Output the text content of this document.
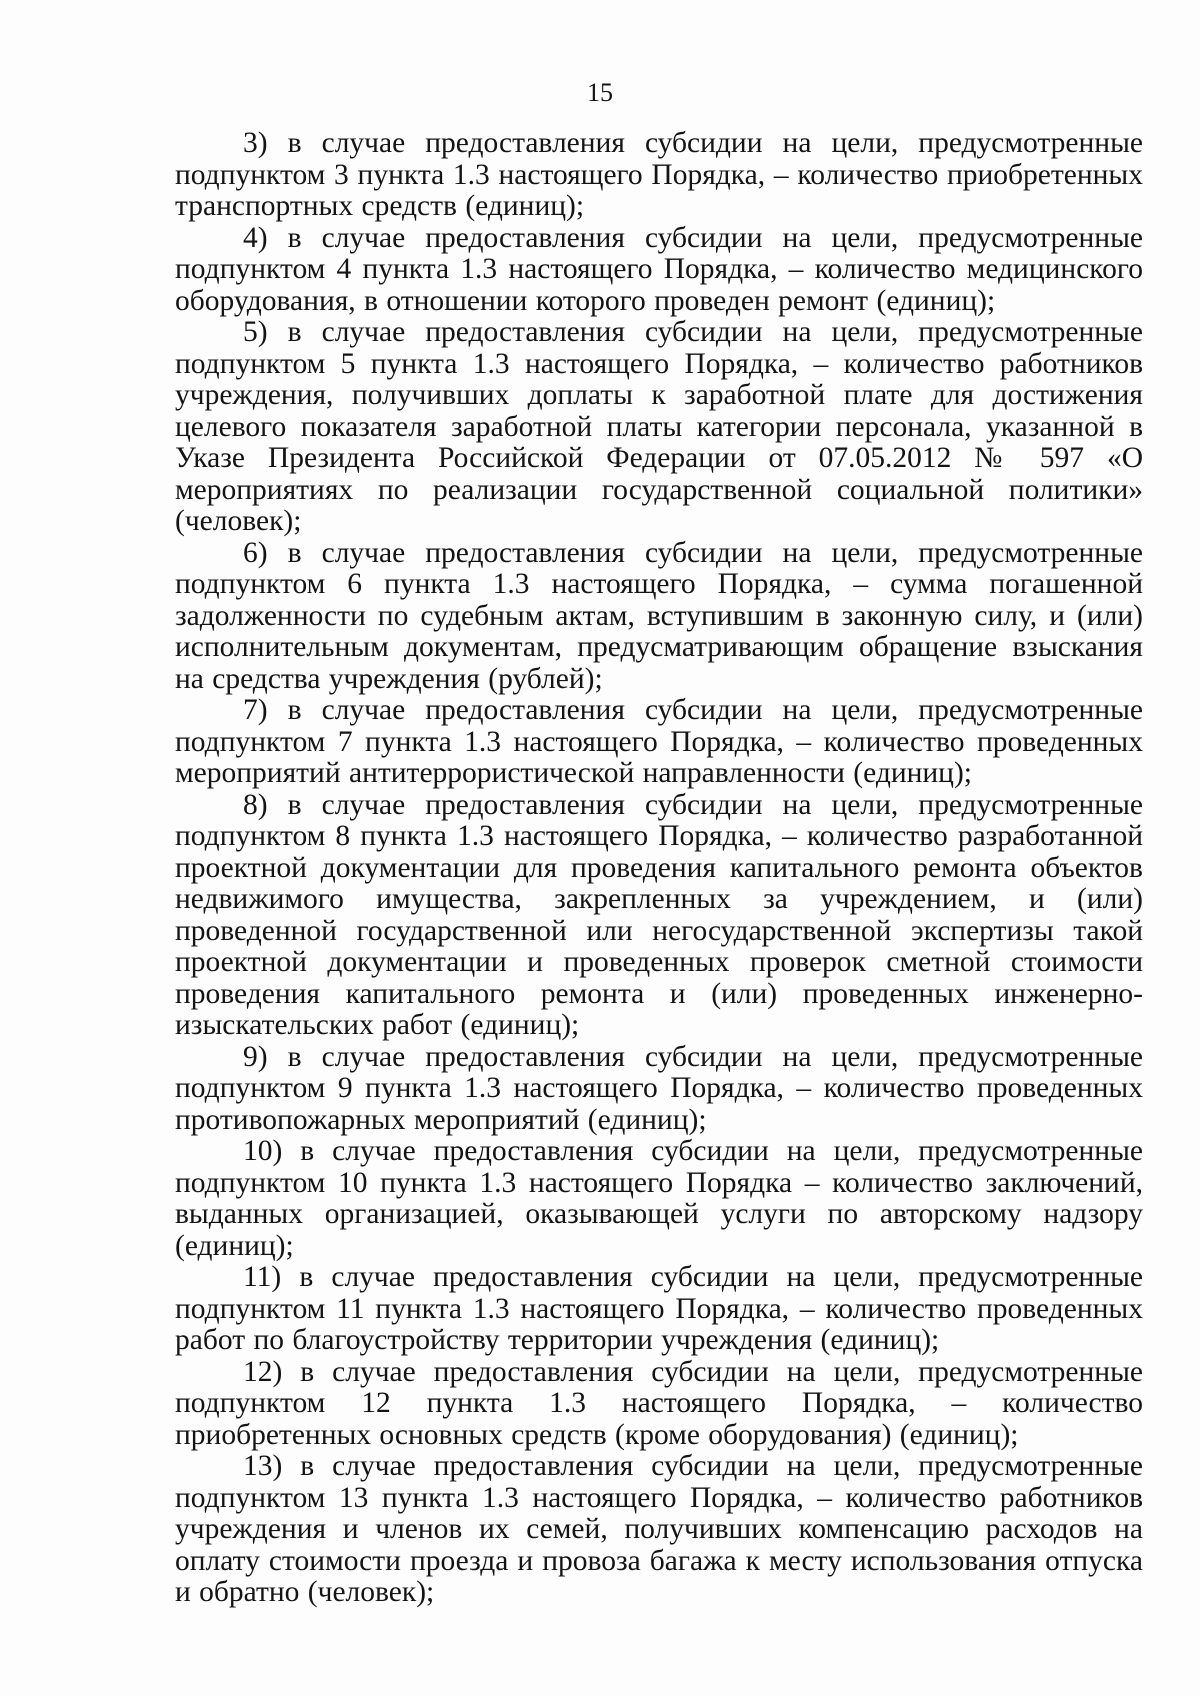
15

3) в случае предоставления субсидии на цели, предусмотренные подпунктом 3 пункта 1.3 настоящего Порядка, – количество приобретенных транспортных средств (единиц);

4) в случае предоставления субсидии на цели, предусмотренные подпунктом 4 пункта 1.3 настоящего Порядка, – количество медицинского оборудования, в отношении которого проведен ремонт (единиц);

5) в случае предоставления субсидии на цели, предусмотренные подпунктом 5 пункта 1.3 настоящего Порядка, – количество работников учреждения, получивших доплаты к заработной плате для достижения целевого показателя заработной платы категории персонала, указанной в Указе Президента Российской Федерации от 07.05.2012 № 597 «О мероприятиях по реализации государственной социальной политики» (человек);

6) в случае предоставления субсидии на цели, предусмотренные подпунктом 6 пункта 1.3 настоящего Порядка, – сумма погашенной задолженности по судебным актам, вступившим в законную силу, и (или) исполнительным документам, предусматривающим обращение взыскания на средства учреждения (рублей);

7) в случае предоставления субсидии на цели, предусмотренные подпунктом 7 пункта 1.3 настоящего Порядка, – количество проведенных мероприятий антитеррористической направленности (единиц);

8) в случае предоставления субсидии на цели, предусмотренные подпунктом 8 пункта 1.3 настоящего Порядка, – количество разработанной проектной документации для проведения капитального ремонта объектов недвижимого имущества, закрепленных за учреждением, и (или) проведенной государственной или негосударственной экспертизы такой проектной документации и проведенных проверок сметной стоимости проведения капитального ремонта и (или) проведенных инженерно-изыскательских работ (единиц);

9) в случае предоставления субсидии на цели, предусмотренные подпунктом 9 пункта 1.3 настоящего Порядка, – количество проведенных противопожарных мероприятий (единиц);

10) в случае предоставления субсидии на цели, предусмотренные подпунктом 10 пункта 1.3 настоящего Порядка – количество заключений, выданных организацией, оказывающей услуги по авторскому надзору (единиц);

11) в случае предоставления субсидии на цели, предусмотренные подпунктом 11 пункта 1.3 настоящего Порядка, – количество проведенных работ по благоустройству территории учреждения (единиц);

12) в случае предоставления субсидии на цели, предусмотренные подпунктом 12 пункта 1.3 настоящего Порядка, – количество приобретенных основных средств (кроме оборудования) (единиц);

13) в случае предоставления субсидии на цели, предусмотренные подпунктом 13 пункта 1.3 настоящего Порядка, – количество работников учреждения и членов их семей, получивших компенсацию расходов на оплату стоимости проезда и провоза багажа к месту использования отпуска и обратно (человек);
